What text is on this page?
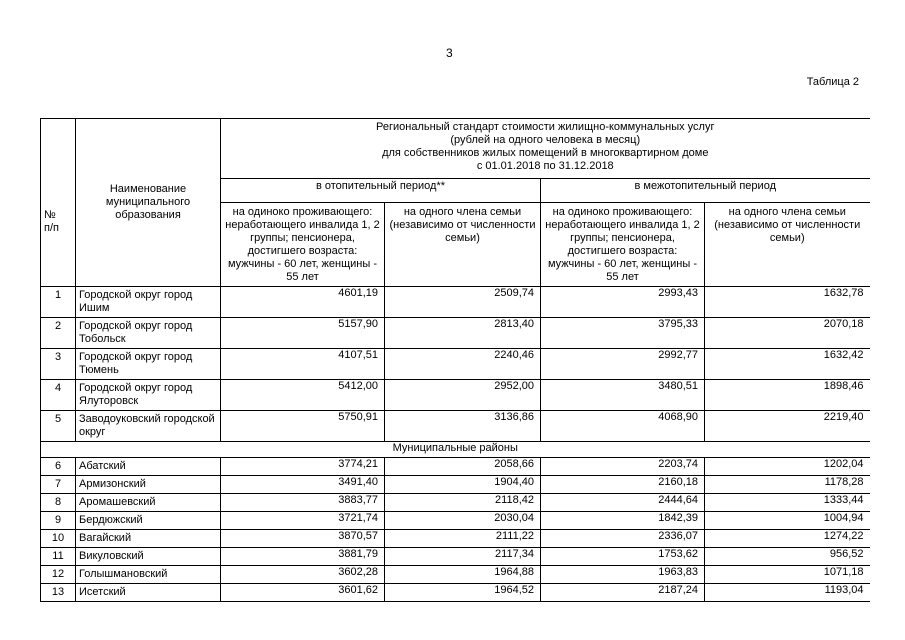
3
Таблица 2
№
п/п	Наименование муниципального образования	Региональный стандарт стоимости жилищно-коммунальных услуг
(рублей на одного человека в месяц)
для собственников жилых помещений в многоквартирном доме
с 01.01.2018 по 31.12.2018			
		в отопительный период**		в межотопительный период	
		на одиноко проживающего: неработающего инвалида 1, 2 группы; пенсионера, достигшего возраста: мужчины - 60 лет, женщины - 55 лет	на одного члена семьи (независимо от численности семьи)	на одиноко проживающего: неработающего инвалида 1, 2 группы; пенсионера, достигшего возраста: мужчины - 60 лет, женщины - 55 лет	на одного члена семьи (независимо от численности семьи)
1	Городской округ город Ишим	4601,19	2509,74	2993,43	1632,78
2	Городской округ город Тобольск	5157,90	2813,40	3795,33	2070,18
3	Городской округ город Тюмень	4107,51	2240,46	2992,77	1632,42
4	Городской округ город Ялуторовск	5412,00	2952,00	3480,51	1898,46
5	Заводоуковский городской округ	5750,91	3136,86	4068,90	2219,40
Муниципальные районы					
6	Абатский	3774,21	2058,66	2203,74	1202,04
7	Армизонский	3491,40	1904,40	2160,18	1178,28
8	Аромашевский	3883,77	2118,42	2444,64	1333,44
9	Бердюжский	3721,74	2030,04	1842,39	1004,94
10	Вагайский	3870,57	2111,22	2336,07	1274,22
11	Викуловский	3881,79	2117,34	1753,62	956,52
12	Голышмановский	3602,28	1964,88	1963,83	1071,18
13	Исетский	3601,62	1964,52	2187,24	1193,04
